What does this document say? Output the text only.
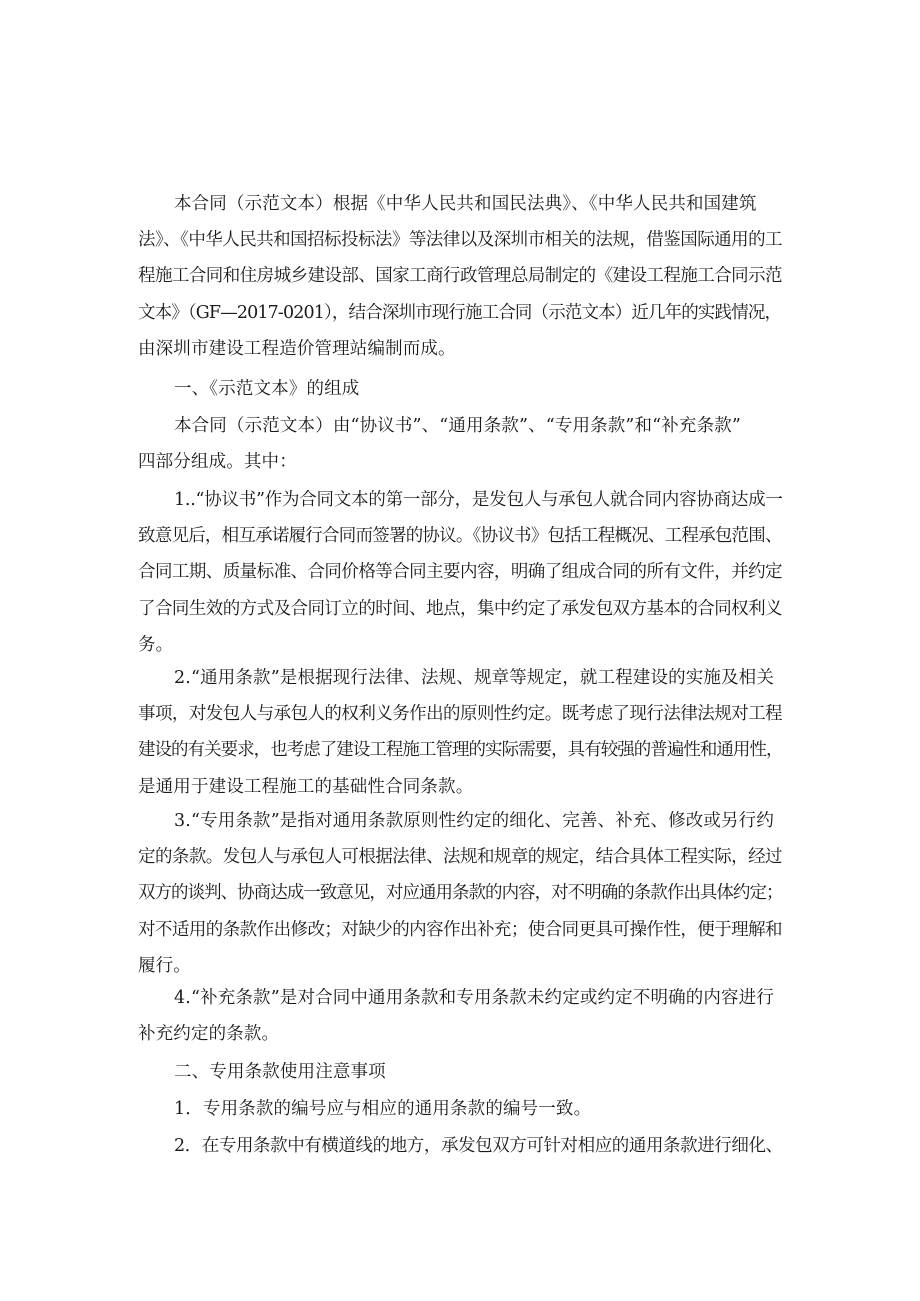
本合同（示范文本）根据《中华人民共和国民法典》、《中华人民共和国建筑
法》、《中华人民共和国招标投标法》等法律以及深圳市相关的法规，借鉴国际通用的工
程施工合同和住房城乡建设部、国家工商行政管理总局制定的《建设工程施工合同示范
文本》（GF—2017-0201），结合深圳市现行施工合同（示范文本）近几年的实践情况，
由深圳市建设工程造价管理站编制而成。
一、《示范文本》的组成
本合同（示范文本）由“协议书”、“通用条款”、“专用条款”和“补充条款”
四部分组成。其中：
1..“协议书”作为合同文本的第一部分，是发包人与承包人就合同内容协商达成一
致意见后，相互承诺履行合同而签署的协议。《协议书》包括工程概况、工程承包范围、
合同工期、质量标准、合同价格等合同主要内容，明确了组成合同的所有文件，并约定
了合同生效的方式及合同订立的时间、地点，集中约定了承发包双方基本的合同权利义
务。
2.“通用条款”是根据现行法律、法规、规章等规定，就工程建设的实施及相关
事项，对发包人与承包人的权利义务作出的原则性约定。既考虑了现行法律法规对工程
建设的有关要求，也考虑了建设工程施工管理的实际需要，具有较强的普遍性和通用性，
是通用于建设工程施工的基础性合同条款。
3.“专用条款”是指对通用条款原则性约定的细化、完善、补充、修改或另行约
定的条款。发包人与承包人可根据法律、法规和规章的规定，结合具体工程实际，经过
双方的谈判、协商达成一致意见，对应通用条款的内容，对不明确的条款作出具体约定；
对不适用的条款作出修改；对缺少的内容作出补充；使合同更具可操作性，便于理解和
履行。
4.“补充条款”是对合同中通用条款和专用条款未约定或约定不明确的内容进行
补充约定的条款。
二、专用条款使用注意事项
1．专用条款的编号应与相应的通用条款的编号一致。
2．在专用条款中有横道线的地方，承发包双方可针对相应的通用条款进行细化、
